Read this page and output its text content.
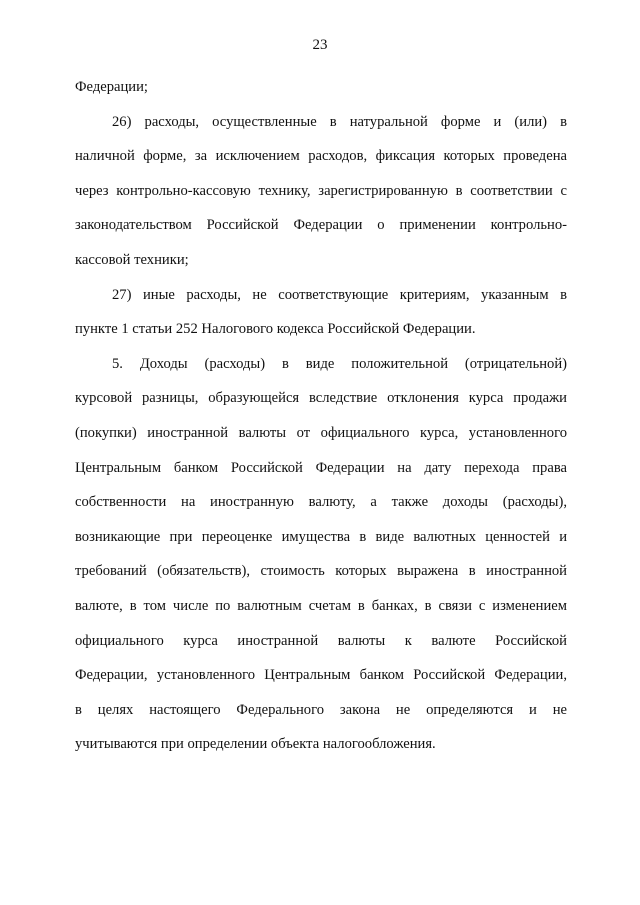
23
Федерации;
26) расходы, осуществленные в натуральной форме и (или) в
наличной форме, за исключением расходов, фиксация которых проведена
через контрольно-кассовую технику, зарегистрированную в соответствии с
законодательством Российской Федерации о применении контрольно-
кассовой техники;
27) иные расходы, не соответствующие критериям, указанным в
пункте 1 статьи 252 Налогового кодекса Российской Федерации.
5. Доходы (расходы) в виде положительной (отрицательной)
курсовой разницы, образующейся вследствие отклонения курса продажи
(покупки) иностранной валюты от официального курса, установленного
Центральным банком Российской Федерации на дату перехода права
собственности на иностранную валюту, а также доходы (расходы),
возникающие при переоценке имущества в виде валютных ценностей и
требований (обязательств), стоимость которых выражена в иностранной
валюте, в том числе по валютным счетам в банках, в связи с изменением
официального курса иностранной валюты к валюте Российской
Федерации, установленного Центральным банком Российской Федерации,
в целях настоящего Федерального закона не определяются и не
учитываются при определении объекта налогообложения.
